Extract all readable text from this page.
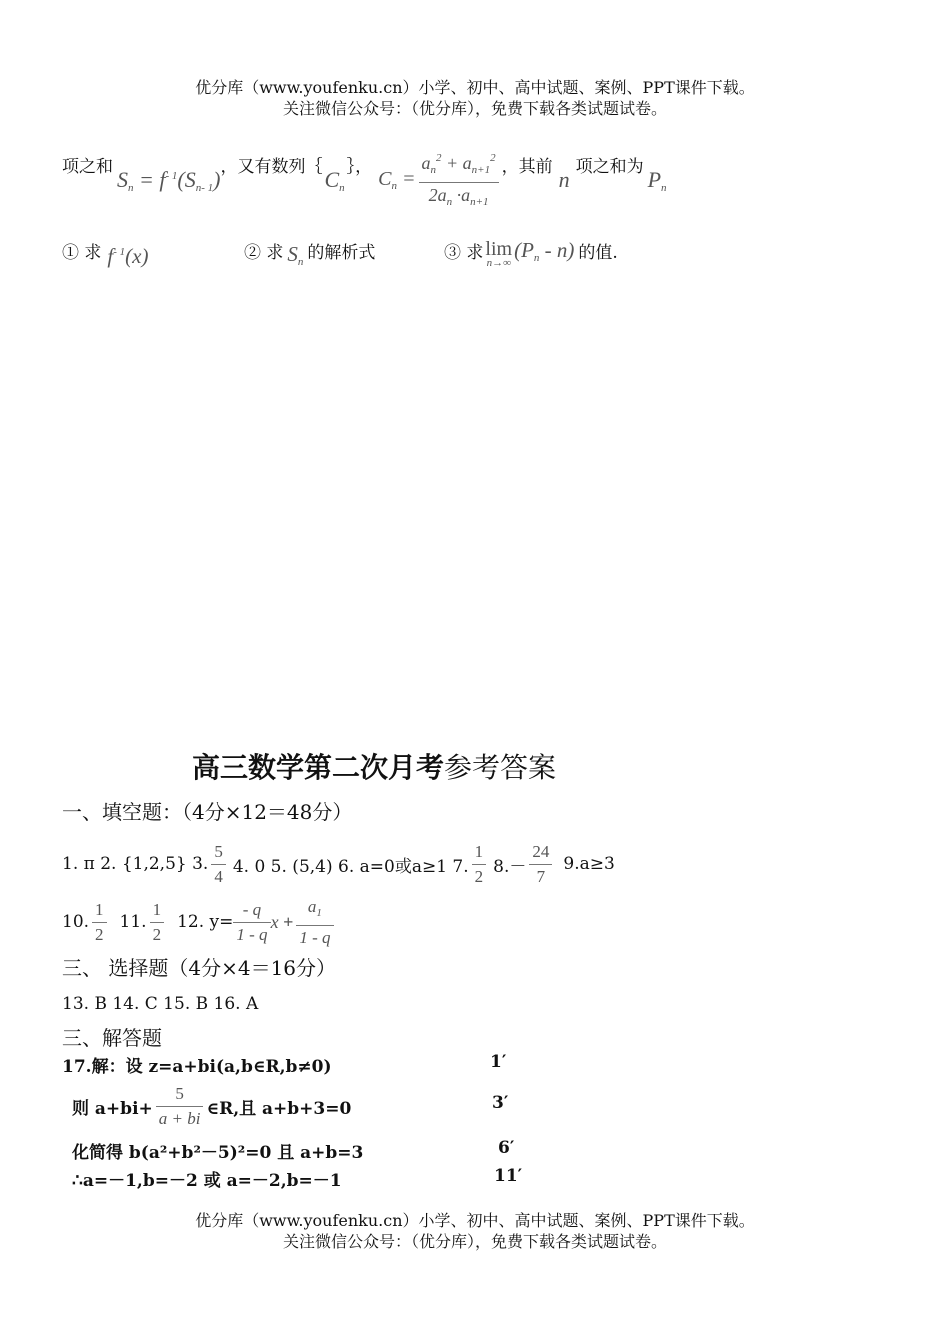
优分库（www.youfenku.cn）小学、初中、高中试题、案例、PPT课件下载。
关注微信公众号：（优分库），免费下载各类试题试卷。
项之和 $S_n = f^{- 1}(S_{n- 1})$ ，又有数列｛ $C_n$
｝，
$C_n = \frac{a_n^2 + a_{n+1}^2}{2a_n \cdot a_{n+1}}$ ，其前 n 项之和为 $P_n$
① 求 $f^{- 1}(x)$	② 求 $S_n$ 的解析式	③ 求 lim
n→∞
$(P_n - n)$ 的值.
高三数学第二次月考参考答案
一、填空题：（4分×12＝48分）
1. π 2. {1,2,5} 3. $\frac{5}{4} 4$. 0 5. (5,4) 6. a=0或a≥1 7. $\frac{1}{2} 8.- \frac{24}{7} 9.a\ge 3$
10. $\frac{1}{2} 11$. $\frac{1}{2} 12$. $y= \frac{- q}{1 - q}$ $x + \frac{a_1}{1 - q}$
三、 选择题（4分×4＝16分）
13. B 14. C 15. B 16. A
三、解答题
17.解：设 z=a+bi(a,b∈R,b≠0)	1′
则 $a+bi+ \frac{5}{a + bi}$ ∈R,且 a+b+3=0	3′
化简得 b(a²+b²－5)²=0 且 a+b=3	6′
∴a=－1,b=－2 或 a=－2,b=－1	11′
优分库（www.youfenku.cn）小学、初中、高中试题、案例、PPT课件下载。
关注微信公众号：（优分库），免费下载各类试题试卷。
